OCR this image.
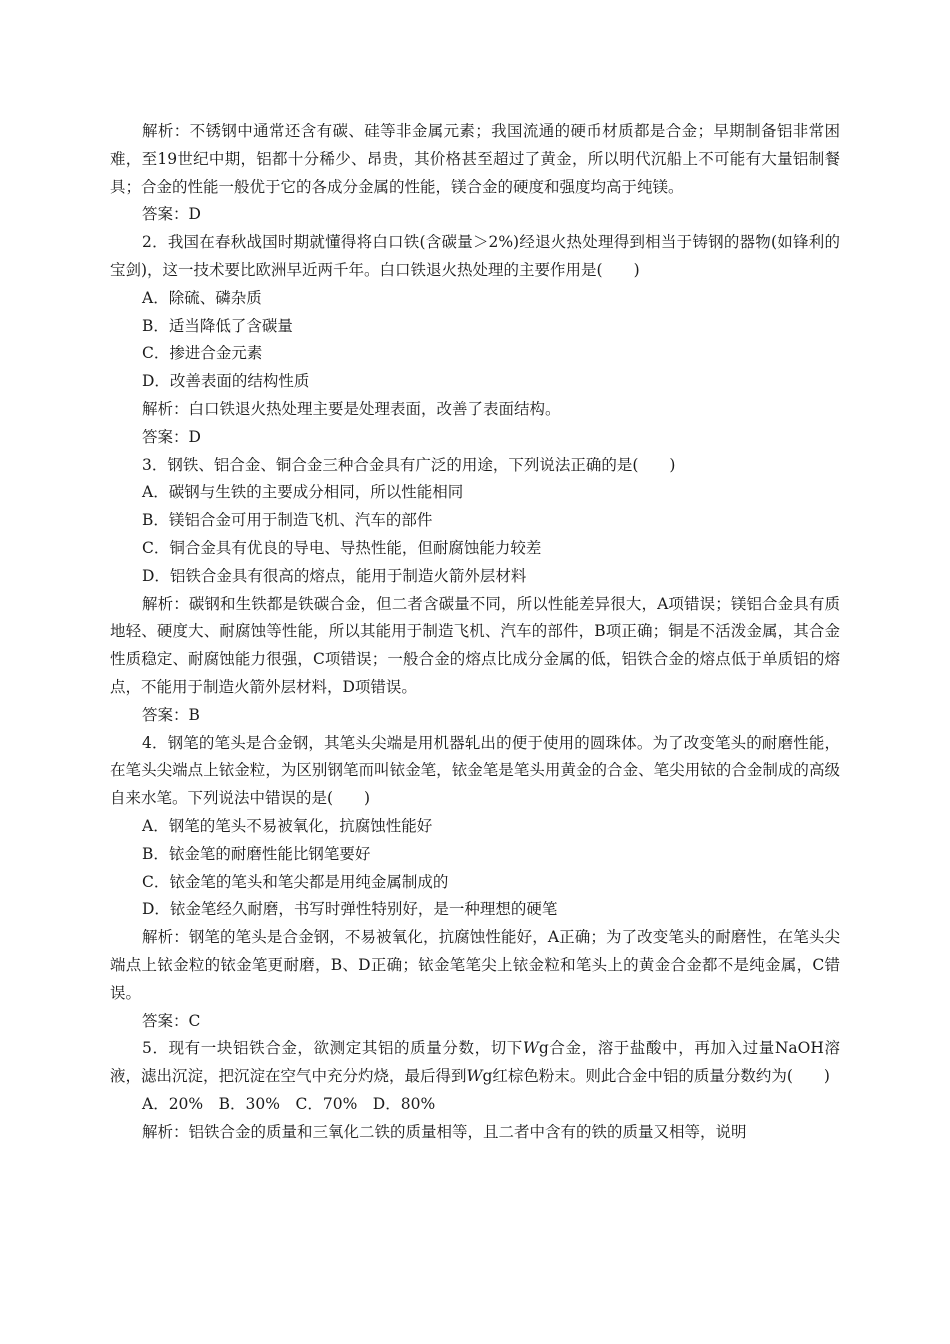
解析：不锈钢中通常还含有碳、硅等非金属元素；我国流通的硬币材质都是合金；早期制备铝非常困难，至19世纪中期，铝都十分稀少、昂贵，其价格甚至超过了黄金，所以明代沉船上不可能有大量铝制餐具；合金的性能一般优于它的各成分金属的性能，镁合金的硬度和强度均高于纯镁。
答案：D
2．我国在春秋战国时期就懂得将白口铁(含碳量＞2%)经退火热处理得到相当于铸钢的器物(如锋利的宝剑)，这一技术要比欧洲早近两千年。白口铁退火热处理的主要作用是(　　)
A．除硫、磷杂质
B．适当降低了含碳量
C．掺进合金元素
D．改善表面的结构性质
解析：白口铁退火热处理主要是处理表面，改善了表面结构。
答案：D
3．钢铁、铝合金、铜合金三种合金具有广泛的用途，下列说法正确的是(　　)
A．碳钢与生铁的主要成分相同，所以性能相同
B．镁铝合金可用于制造飞机、汽车的部件
C．铜合金具有优良的导电、导热性能，但耐腐蚀能力较差
D．铝铁合金具有很高的熔点，能用于制造火箭外层材料
解析：碳钢和生铁都是铁碳合金，但二者含碳量不同，所以性能差异很大，A项错误；镁铝合金具有质地轻、硬度大、耐腐蚀等性能，所以其能用于制造飞机、汽车的部件，B项正确；铜是不活泼金属，其合金性质稳定、耐腐蚀能力很强，C项错误；一般合金的熔点比成分金属的低，铝铁合金的熔点低于单质铝的熔点，不能用于制造火箭外层材料，D项错误。
答案：B
4．钢笔的笔头是合金钢，其笔头尖端是用机器轧出的便于使用的圆珠体。为了改变笔头的耐磨性能，在笔头尖端点上铱金粒，为区别钢笔而叫铱金笔，铱金笔是笔头用黄金的合金、笔尖用铱的合金制成的高级自来水笔。下列说法中错误的是(　　)
A．钢笔的笔头不易被氧化，抗腐蚀性能好
B．铱金笔的耐磨性能比钢笔要好
C．铱金笔的笔头和笔尖都是用纯金属制成的
D．铱金笔经久耐磨，书写时弹性特别好，是一种理想的硬笔
解析：钢笔的笔头是合金钢，不易被氧化，抗腐蚀性能好，A正确；为了改变笔头的耐磨性，在笔头尖端点上铱金粒的铱金笔更耐磨，B、D正确；铱金笔笔尖上铱金粒和笔头上的黄金合金都不是纯金属，C错误。
答案：C
5．现有一块铝铁合金，欲测定其铝的质量分数，切下Wg合金，溶于盐酸中，再加入过量NaOH溶液，滤出沉淀，把沉淀在空气中充分灼烧，最后得到Wg红棕色粉末。则此合金中铝的质量分数约为(　　)
A．20%　B．30%　C．70%　D．80%
解析：铝铁合金的质量和三氧化二铁的质量相等，且二者中含有的铁的质量又相等，说明
